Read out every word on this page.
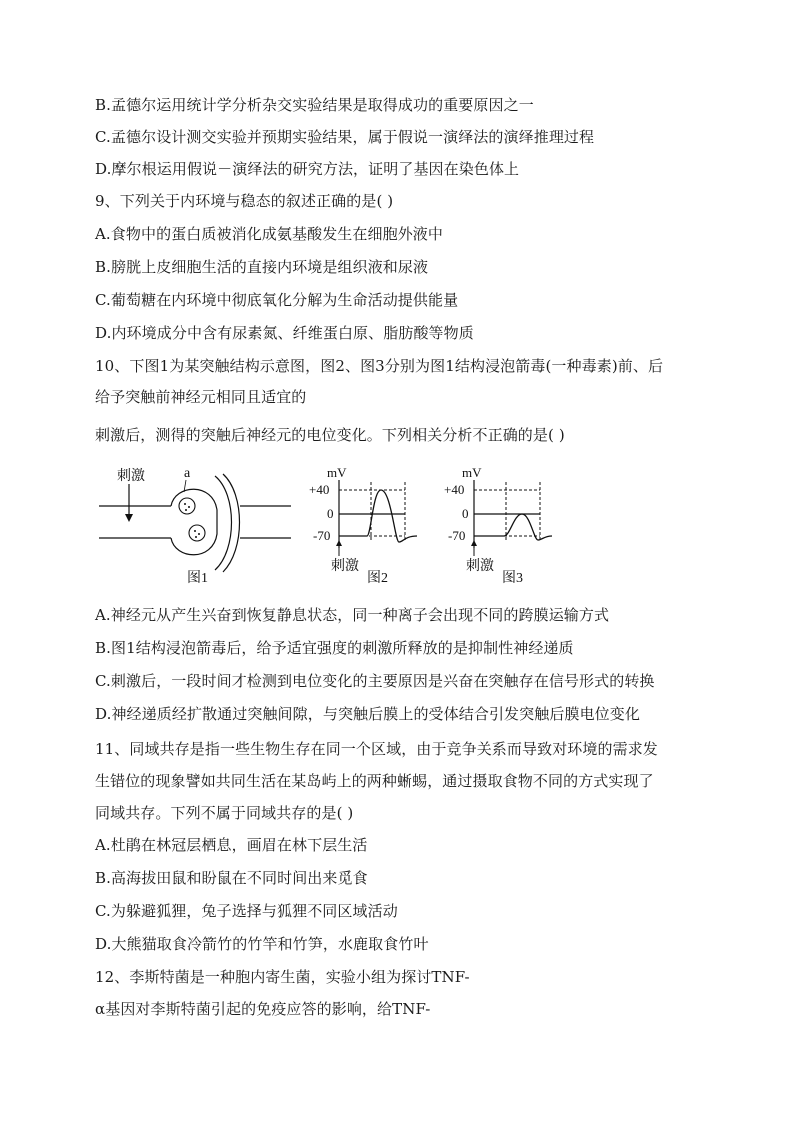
B.孟德尔运用统计学分析杂交实验结果是取得成功的重要原因之一
C.孟德尔设计测交实验并预期实验结果，属于假说一演绎法的演绎推理过程
D.摩尔根运用假说－演绎法的研究方法，证明了基因在染色体上
9、下列关于内环境与稳态的叙述正确的是( )
A.食物中的蛋白质被消化成氨基酸发生在细胞外液中
B.膀胱上皮细胞生活的直接内环境是组织液和尿液
C.葡萄糖在内环境中彻底氧化分解为生命活动提供能量
D.内环境成分中含有尿素氮、纤维蛋白原、脂肪酸等物质
10、下图1为某突触结构示意图，图2、图3分别为图1结构浸泡箭毒(一种毒素)前、后
给予突触前神经元相同且适宜的
刺激后，测得的突触后神经元的电位变化。下列相关分析不正确的是( )
刺激	a
图1
mV
+40
0
-70
刺激
图2
mV
+40
0
-70
刺激
图3
A.神经元从产生兴奋到恢复静息状态，同一种离子会出现不同的跨膜运输方式
B.图1结构浸泡箭毒后，给予适宜强度的刺激所释放的是抑制性神经递质
C.刺激后，一段时间才检测到电位变化的主要原因是兴奋在突触存在信号形式的转换
D.神经递质经扩散通过突触间隙，与突触后膜上的受体结合引发突触后膜电位变化
11、同域共存是指一些生物生存在同一个区域，由于竞争关系而导致对环境的需求发
生错位的现象譬如共同生活在某岛屿上的两种蜥蜴，通过摄取食物不同的方式实现了
同域共存。下列不属于同域共存的是( )
A.杜鹃在林冠层栖息，画眉在林下层生活
B.高海拔田鼠和盼鼠在不同时间出来觅食
C.为躲避狐狸，兔子选择与狐狸不同区域活动
D.大熊猫取食冷箭竹的竹竿和竹笋，水鹿取食竹叶
12、李斯特菌是一种胞内寄生菌，实验小组为探讨TNF-
α基因对李斯特菌引起的免疫应答的影响，给TNF-
